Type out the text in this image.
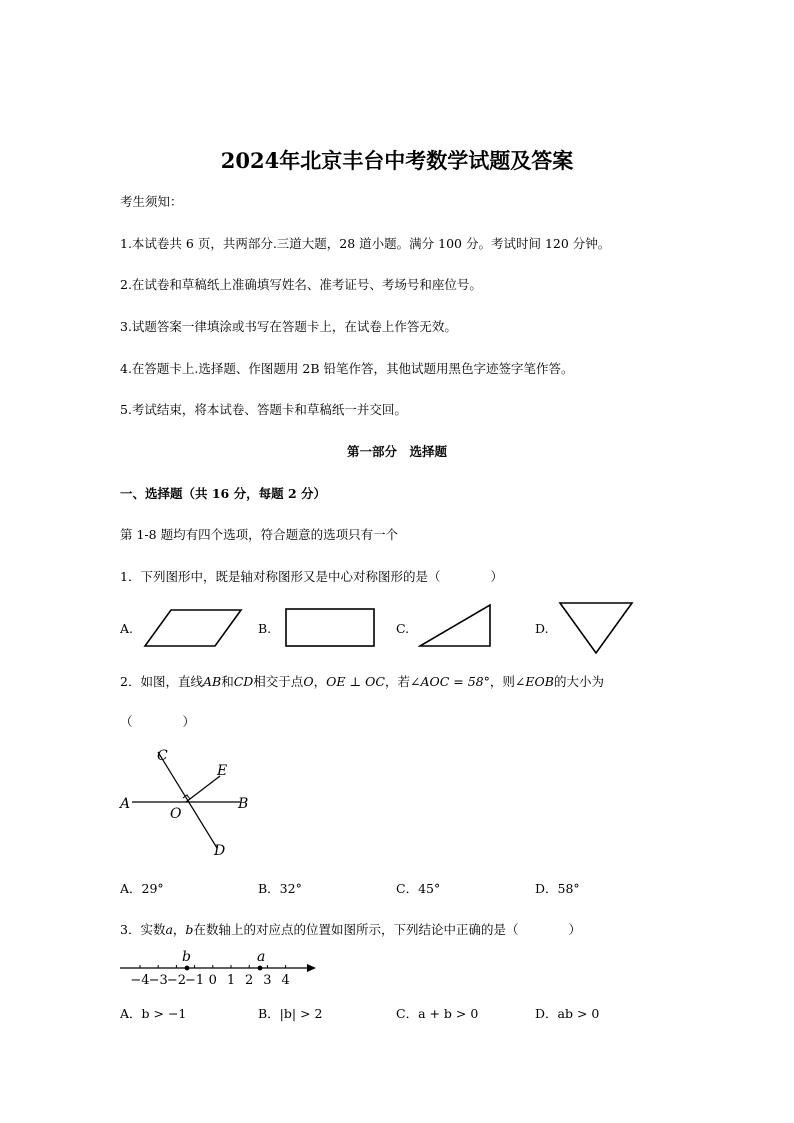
2024年北京丰台中考数学试题及答案
考生须知：
1.本试卷共 6 页，共两部分.三道大题，28 道小题。满分 100 分。考试时间 120 分钟。
2.在试卷和草稿纸上准确填写姓名、准考证号、考场号和座位号。
3.试题答案一律填涂或书写在答题卡上，在试卷上作答无效。
4.在答题卡上.选择题、作图题用 2B 铅笔作答，其他试题用黑色字迹签字笔作答。
5.考试结束，将本试卷、答题卡和草稿纸一并交回。
第一部分　选择题
一、选择题（共 16 分，每题 2 分）
第 1-8 题均有四个选项，符合题意的选项只有一个
1．下列图形中，既是轴对称图形又是中心对称图形的是（　　　　）
A.	B.	C.	D.
2．如图，直线AB和CD相交于点O，OE ⊥ OC，若∠AOC = 58°，则∠EOB的大小为
（　　　　）
A	B
C
D
E
O
A．29°	B．32°	C．45°	D．58°
3．实数a，b在数轴上的对应点的位置如图所示，下列结论中正确的是（　　　　）
−4 −3 −2 −1 0 1 2 3 4
b	a
A．b > −1	B．|b| > 2	C．a + b > 0	D．ab > 0
